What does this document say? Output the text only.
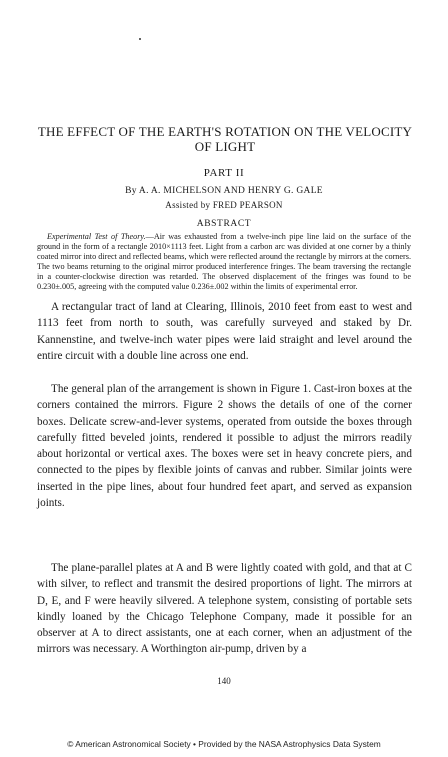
THE EFFECT OF THE EARTH'S ROTATION ON THE VELOCITY OF LIGHT
PART II
By A. A. MICHELSON AND HENRY G. GALE
Assisted by FRED PEARSON
ABSTRACT

Experimental Test of Theory.—Air was exhausted from a twelve-inch pipe line laid on the surface of the ground in the form of a rectangle 2010×1113 feet. Light from a carbon arc was divided at one corner by a thinly coated mirror into direct and reflected beams, which were reflected around the rectangle by mirrors at the corners. The two beams returning to the original mirror produced interference fringes. The beam traversing the rectangle in a counter-clockwise direction was retarded. The observed displacement of the fringes was found to be 0.230±.005, agreeing with the computed value 0.236±.002 within the limits of experimental error.

A rectangular tract of land at Clearing, Illinois, 2010 feet from east to west and 1113 feet from north to south, was carefully surveyed and staked by Dr. Kannenstine, and twelve-inch water pipes were laid straight and level around the entire circuit with a double line across one end.

The general plan of the arrangement is shown in Figure 1. Cast-iron boxes at the corners contained the mirrors. Figure 2 shows the details of one of the corner boxes. Delicate screw-and-lever systems, operated from outside the boxes through carefully fitted beveled joints, rendered it possible to adjust the mirrors readily about horizontal or vertical axes. The boxes were set in heavy concrete piers, and connected to the pipes by flexible joints of canvas and rubber. Similar joints were inserted in the pipe lines, about four hundred feet apart, and served as expansion joints.

The plane-parallel plates at A and B were lightly coated with gold, and that at C with silver, to reflect and transmit the desired proportions of light. The mirrors at D, E, and F were heavily silvered. A telephone system, consisting of portable sets kindly loaned by the Chicago Telephone Company, made it possible for an observer at A to direct assistants, one at each corner, when an adjustment of the mirrors was necessary. A Worthington air-pump, driven by a

140
© American Astronomical Society • Provided by the NASA Astrophysics Data System
